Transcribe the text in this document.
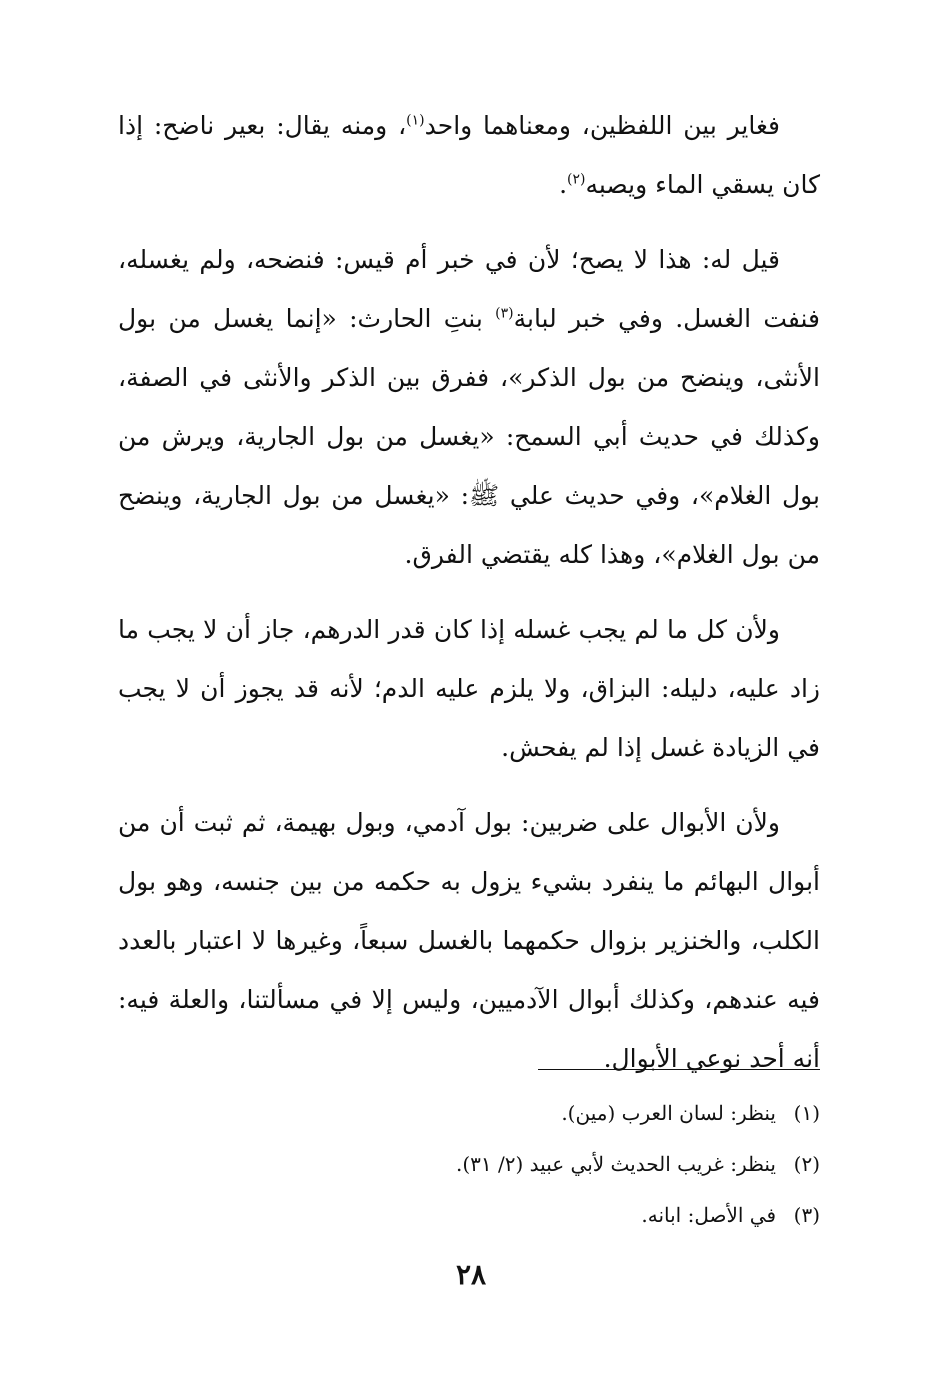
فغاير بين اللفظين، ومعناهما واحد$^{(١)}$، ومنه يقال: بعير ناضح: إذا كان يسقي الماء ويصبه$^{(٢)}$.

قيل له: هذا لا يصح؛ لأن في خبر أم قيس: فنضحه، ولم يغسله، فنفت الغسل. وفي خبر لبابة$^{(٣)}$ بنتِ الحارث: «إنما يغسل من بول الأنثى، وينضح من بول الذكر»، ففرق بين الذكر والأنثى في الصفة، وكذلك في حديث أبي السمح: «يغسل من بول الجارية، ويرش من بول الغلام»، وفي حديث علي ﷺ: «يغسل من بول الجارية، وينضح من بول الغلام»، وهذا كله يقتضي الفرق.

ولأن كل ما لم يجب غسله إذا كان قدر الدرهم، جاز أن لا يجب ما زاد عليه، دليله: البزاق، ولا يلزم عليه الدم؛ لأنه قد يجوز أن لا يجب في الزيادة غسل إذا لم يفحش.

ولأن الأبوال على ضربين: بول آدمي، وبول بهيمة، ثم ثبت أن من أبوال البهائم ما ينفرد بشيء يزول به حكمه من بين جنسه، وهو بول الكلب، والخنزير بزوال حكمهما بالغسل سبعاً، وغيرها لا اعتبار بالعدد فيه عندهم، وكذلك أبوال الآدميين، وليس إلا في مسألتنا، والعلة فيه: أنه أحد نوعي الأبوال.

(١)ينظر: لسان العرب (مين).
(٢)ينظر: غريب الحديث لأبي عبيد (٢/ ٣١).
(٣)في الأصل: ابانه.
٢٨
